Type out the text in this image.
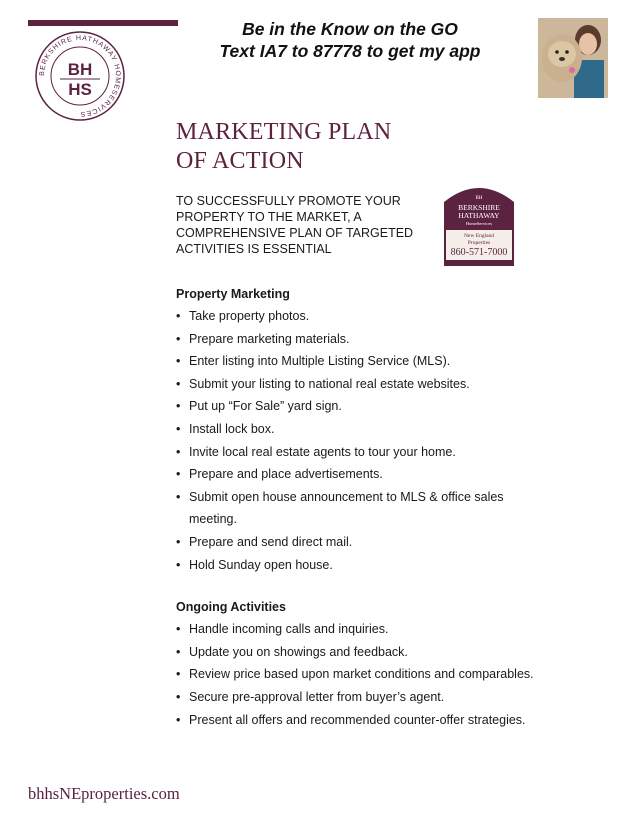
BERKSHIRE HATHAWAY HOMESERVICES
BH
HS
Be in the Know on the GO
Text IA7 to 87778 to get my app
MARKETING PLAN
OF ACTION
BH
BERKSHIRE
HATHAWAY
HomeServices
New England
Properties
860-571-7000
TO SUCCESSFULLY PROMOTE YOUR
PROPERTY TO THE MARKET, A
COMPREHENSIVE PLAN OF TARGETED
ACTIVITIES IS ESSENTIAL
Property Marketing
• Take property photos.
• Prepare marketing materials.
• Enter listing into Multiple Listing Service (MLS).
• Submit your listing to national real estate websites.
• Put up “For Sale” yard sign.
• Install lock box.
• Invite local real estate agents to tour your home.
• Prepare and place advertisements.
• Submit open house announcement to MLS & office sales
meeting.
• Prepare and send direct mail.
• Hold Sunday open house.
Ongoing Activities
• Handle incoming calls and inquiries.
• Update you on showings and feedback.
• Review price based upon market conditions and comparables.
• Secure pre-approval letter from buyer’s agent.
• Present all offers and recommended counter-offer strategies.
bhhsNEproperties.com
